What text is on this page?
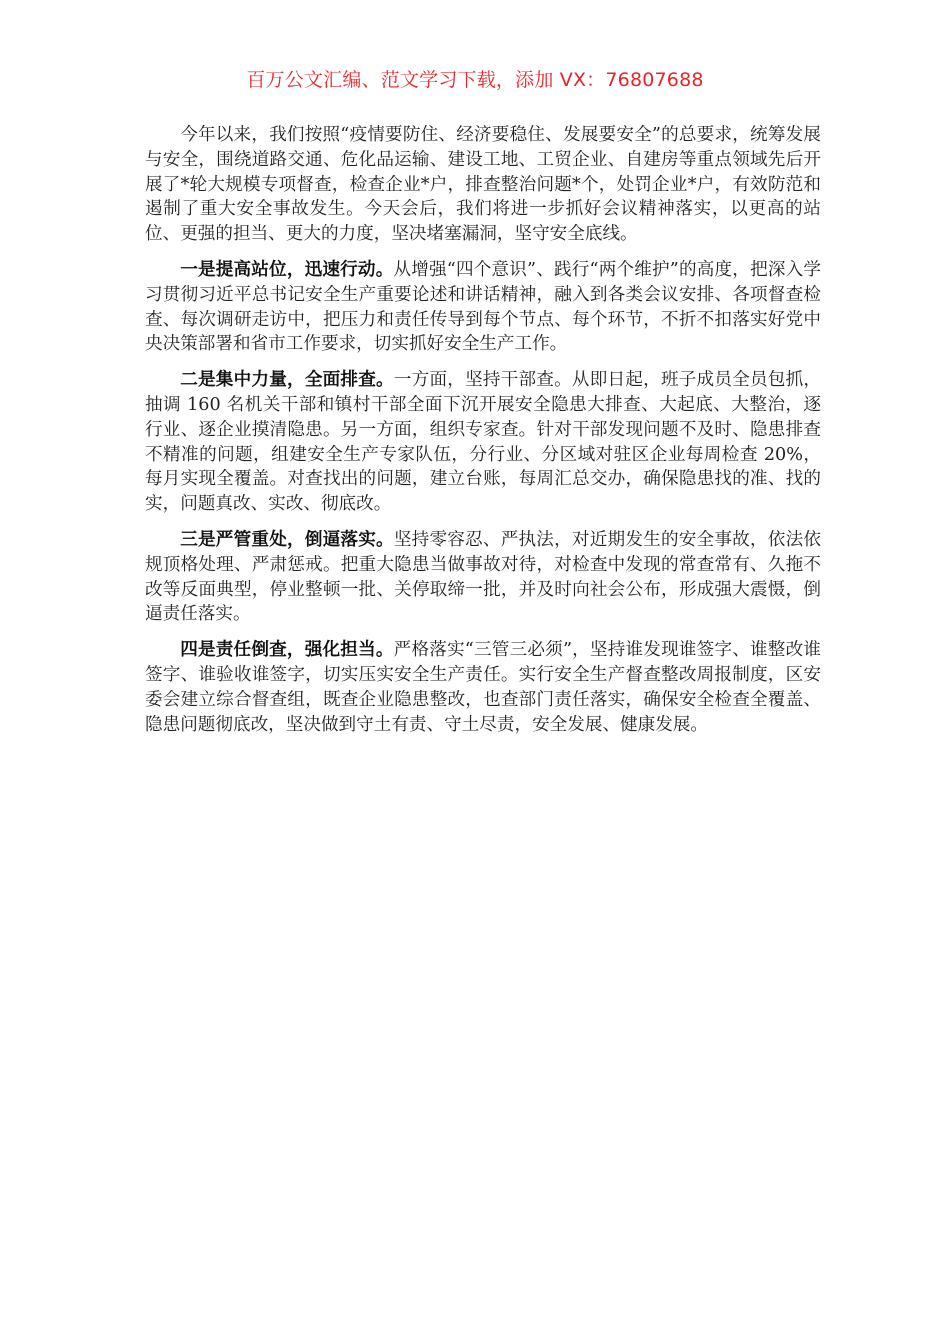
百万公文汇编、范文学习下载，添加 VX：76807688

今年以来，我们按照“疫情要防住、经济要稳住、发展要安全”的总要求，统筹发展与安全，围绕道路交通、危化品运输、建设工地、工贸企业、自建房等重点领域先后开展了*轮大规模专项督查，检查企业*户，排查整治问题*个，处罚企业*户，有效防范和遏制了重大安全事故发生。今天会后，我们将进一步抓好会议精神落实，以更高的站位、更强的担当、更大的力度，坚决堵塞漏洞，坚守安全底线。

一是提高站位，迅速行动。从增强“四个意识”、践行“两个维护”的高度，把深入学习贯彻习近平总书记安全生产重要论述和讲话精神，融入到各类会议安排、各项督查检查、每次调研走访中，把压力和责任传导到每个节点、每个环节，不折不扣落实好党中央决策部署和省市工作要求，切实抓好安全生产工作。

二是集中力量，全面排查。一方面，坚持干部查。从即日起，班子成员全员包抓，抽调 160 名机关干部和镇村干部全面下沉开展安全隐患大排查、大起底、大整治，逐行业、逐企业摸清隐患。另一方面，组织专家查。针对干部发现问题不及时、隐患排查不精准的问题，组建安全生产专家队伍，分行业、分区域对驻区企业每周检查 20%，每月实现全覆盖。对查找出的问题，建立台账，每周汇总交办，确保隐患找的准、找的实，问题真改、实改、彻底改。

三是严管重处，倒逼落实。坚持零容忍、严执法，对近期发生的安全事故，依法依规顶格处理、严肃惩戒。把重大隐患当做事故对待，对检查中发现的常查常有、久拖不改等反面典型，停业整顿一批、关停取缔一批，并及时向社会公布，形成强大震慑，倒逼责任落实。

四是责任倒查，强化担当。严格落实“三管三必须”，坚持谁发现谁签字、谁整改谁签字、谁验收谁签字，切实压实安全生产责任。实行安全生产督查整改周报制度，区安委会建立综合督查组，既查企业隐患整改，也查部门责任落实，确保安全检查全覆盖、隐患问题彻底改，坚决做到守土有责、守土尽责，安全发展、健康发展。
